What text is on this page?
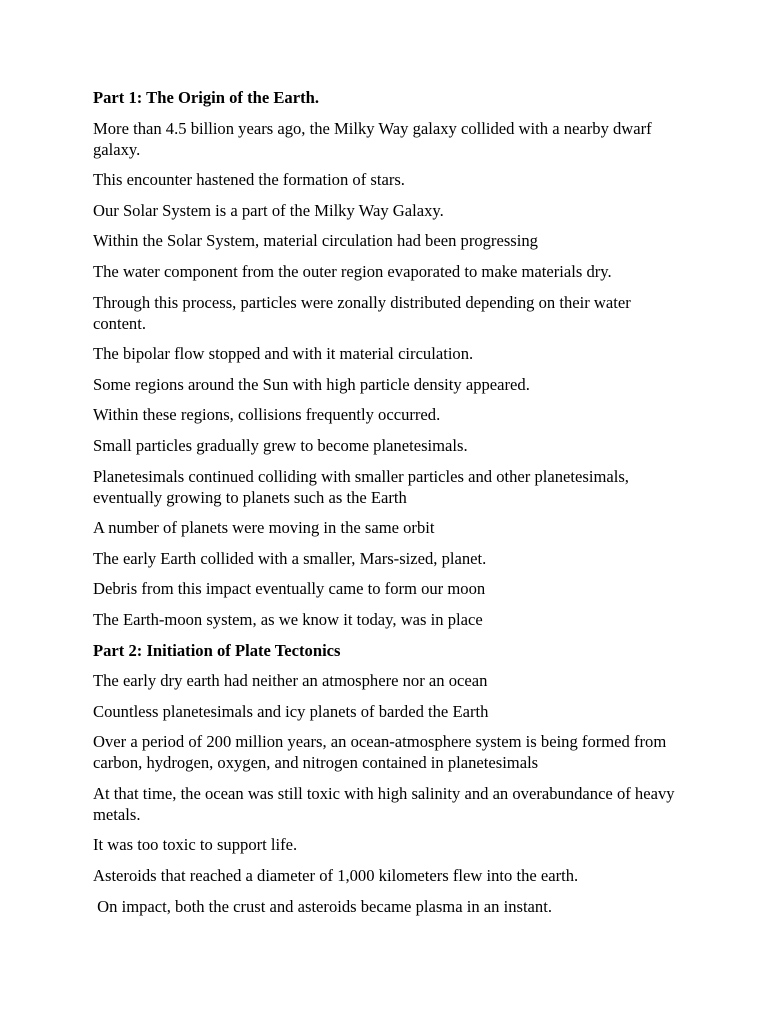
Part 1: The Origin of the Earth.

More than 4.5 billion years ago, the Milky Way galaxy collided with a nearby dwarf galaxy.

This encounter hastened the formation of stars.

Our Solar System is a part of the Milky Way Galaxy.

Within the Solar System, material circulation had been progressing

The water component from the outer region evaporated to make materials dry.

Through this process, particles were zonally distributed depending on their water content.

The bipolar flow stopped and with it material circulation.

Some regions around the Sun with high particle density appeared.

Within these regions, collisions frequently occurred.

Small particles gradually grew to become planetesimals.

Planetesimals continued colliding with smaller particles and other planetesimals, eventually growing to planets such as the Earth

A number of planets were moving in the same orbit

The early Earth collided with a smaller, Mars-sized, planet.

Debris from this impact eventually came to form our moon

The Earth-moon system, as we know it today, was in place

Part 2: Initiation of Plate Tectonics

The early dry earth had neither an atmosphere nor an ocean

Countless planetesimals and icy planets of barded the Earth

Over a period of 200 million years, an ocean-atmosphere system is being formed from carbon, hydrogen, oxygen, and nitrogen contained in planetesimals

At that time, the ocean was still toxic with high salinity and an overabundance of heavy metals.

It was too toxic to support life.

Asteroids that reached a diameter of 1,000 kilometers flew into the earth.

On impact, both the crust and asteroids became plasma in an instant.
